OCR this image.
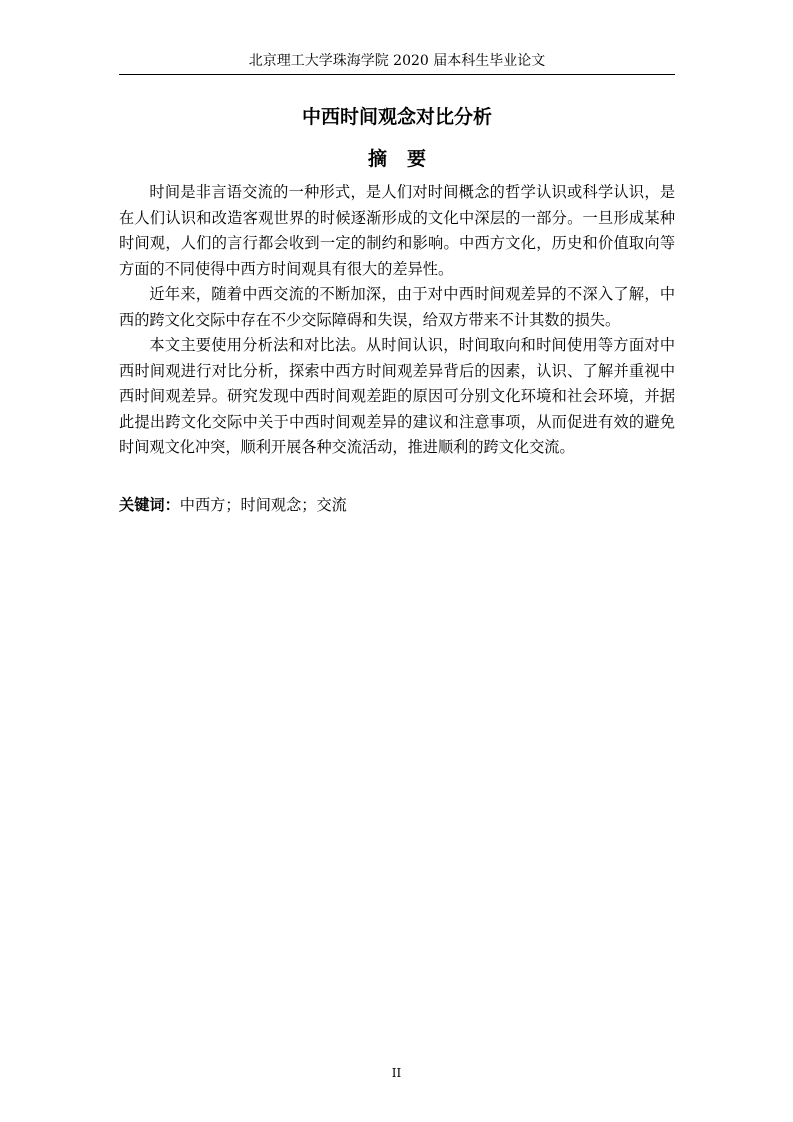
北京理工大学珠海学院 2020 届本科生毕业论文
中西时间观念对比分析
摘要

时间是非言语交流的一种形式，是人们对时间概念的哲学认识或科学认识，是在人们认识和改造客观世界的时候逐渐形成的文化中深层的一部分。一旦形成某种时间观，人们的言行都会收到一定的制约和影响。中西方文化，历史和价值取向等方面的不同使得中西方时间观具有很大的差异性。

近年来，随着中西交流的不断加深，由于对中西时间观差异的不深入了解，中西的跨文化交际中存在不少交际障碍和失误，给双方带来不计其数的损失。

本文主要使用分析法和对比法。从时间认识，时间取向和时间使用等方面对中西时间观进行对比分析，探索中西方时间观差异背后的因素，认识、了解并重视中西时间观差异。研究发现中西时间观差距的原因可分别文化环境和社会环境，并据此提出跨文化交际中关于中西时间观差异的建议和注意事项，从而促进有效的避免时间观文化冲突，顺利开展各种交流活动，推进顺利的跨文化交流。

关键词：中西方；时间观念；交流
II
